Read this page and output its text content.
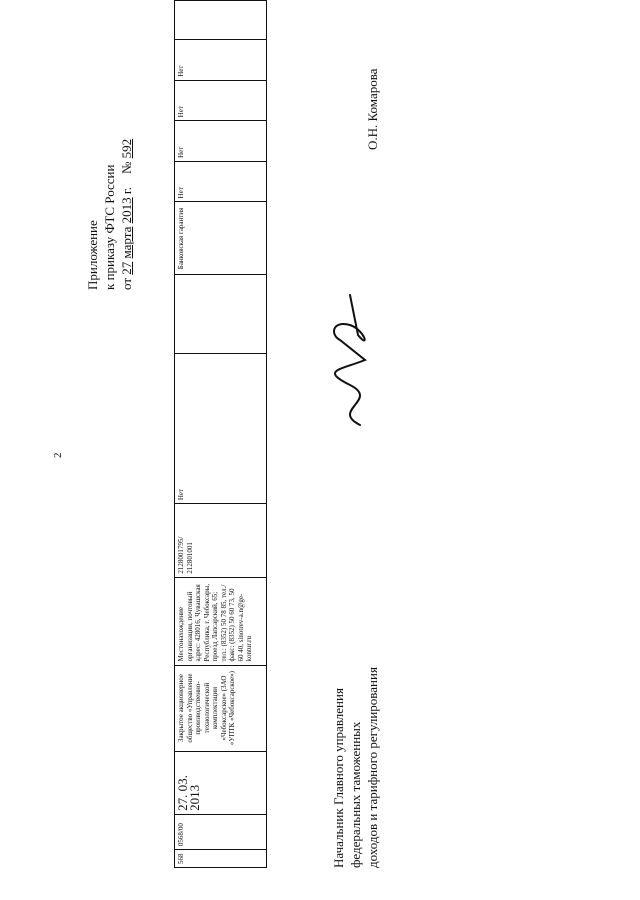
2
Приложение к приказу ФТС России от 27 марта 2013 г.    № 592
568	0568/00	27. 03. 2013	Закрытое акционерное общество «Управление производственно-технологической комплектации «Чебоксарское» (ЗАО «УПТК «Чебоксарское»)	Местонахождение организации, почтовый адрес: 428016, Чувашская Республика, г. Чебоксары, проезд Лапсарский, 65; тел.: (8352) 50 78 85, тел./факс: (8352) 50 60 73, 50 60 40, sinotrev-a.n@ge-kontur.ru	2128001795/ 212801001	Нет		Банковская гарантия	Нет	Нет	Нет	Нет	
Начальник Главного управления федеральных таможенных доходов и тарифного регулирования
О.Н. Комарова
